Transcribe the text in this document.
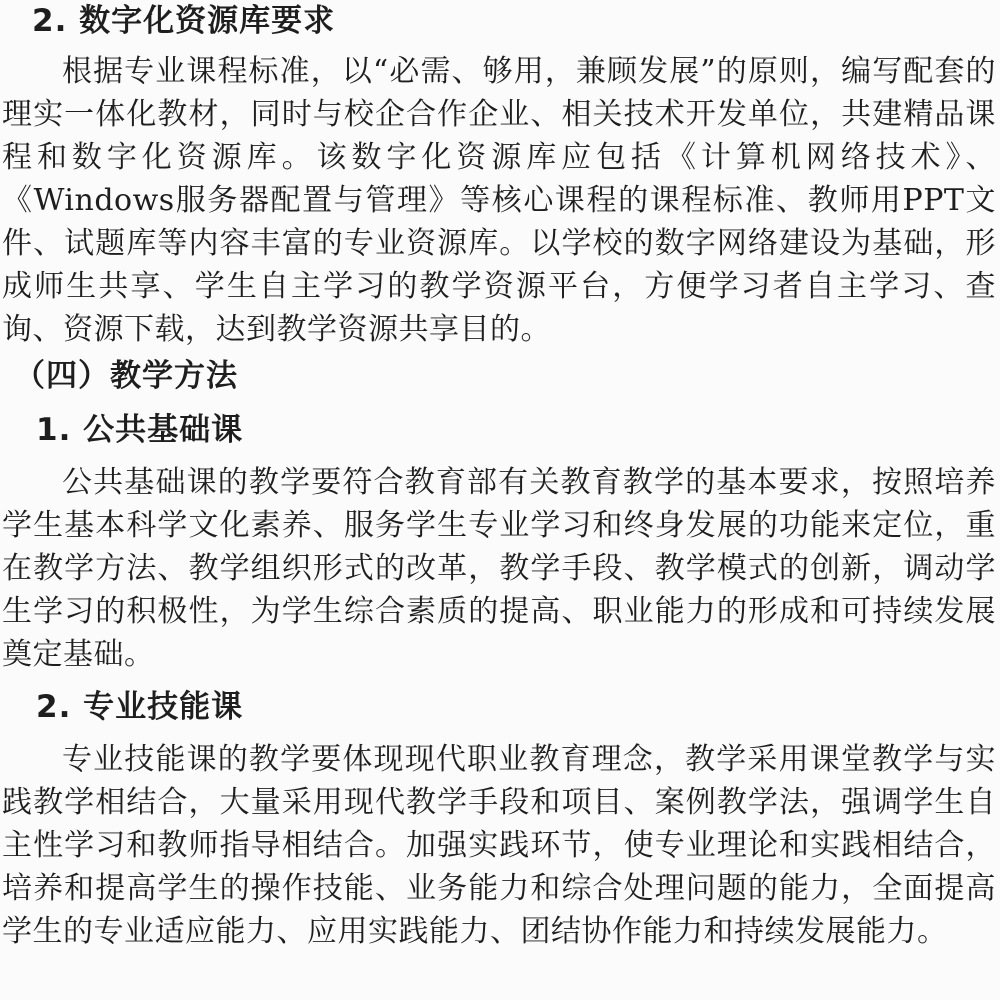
2. 数字化资源库要求

根据专业课程标准，以“必需、够用，兼顾发展”的原则，编写配套的理实一体化教材，同时与校企合作企业、相关技术开发单位，共建精品课程和数字化资源库。该数字化资源库应包括《计算机网络技术》、《Windows服务器配置与管理》等核心课程的课程标准、教师用PPT文件、试题库等内容丰富的专业资源库。以学校的数字网络建设为基础，形成师生共享、学生自主学习的教学资源平台，方便学习者自主学习、查询、资源下载，达到教学资源共享目的。

（四）教学方法
1. 公共基础课

公共基础课的教学要符合教育部有关教育教学的基本要求，按照培养学生基本科学文化素养、服务学生专业学习和终身发展的功能来定位，重在教学方法、教学组织形式的改革，教学手段、教学模式的创新，调动学生学习的积极性，为学生综合素质的提高、职业能力的形成和可持续发展奠定基础。

2. 专业技能课

专业技能课的教学要体现现代职业教育理念，教学采用课堂教学与实践教学相结合，大量采用现代教学手段和项目、案例教学法，强调学生自主性学习和教师指导相结合。加强实践环节，使专业理论和实践相结合，培养和提高学生的操作技能、业务能力和综合处理问题的能力，全面提高学生的专业适应能力、应用实践能力、团结协作能力和持续发展能力。
